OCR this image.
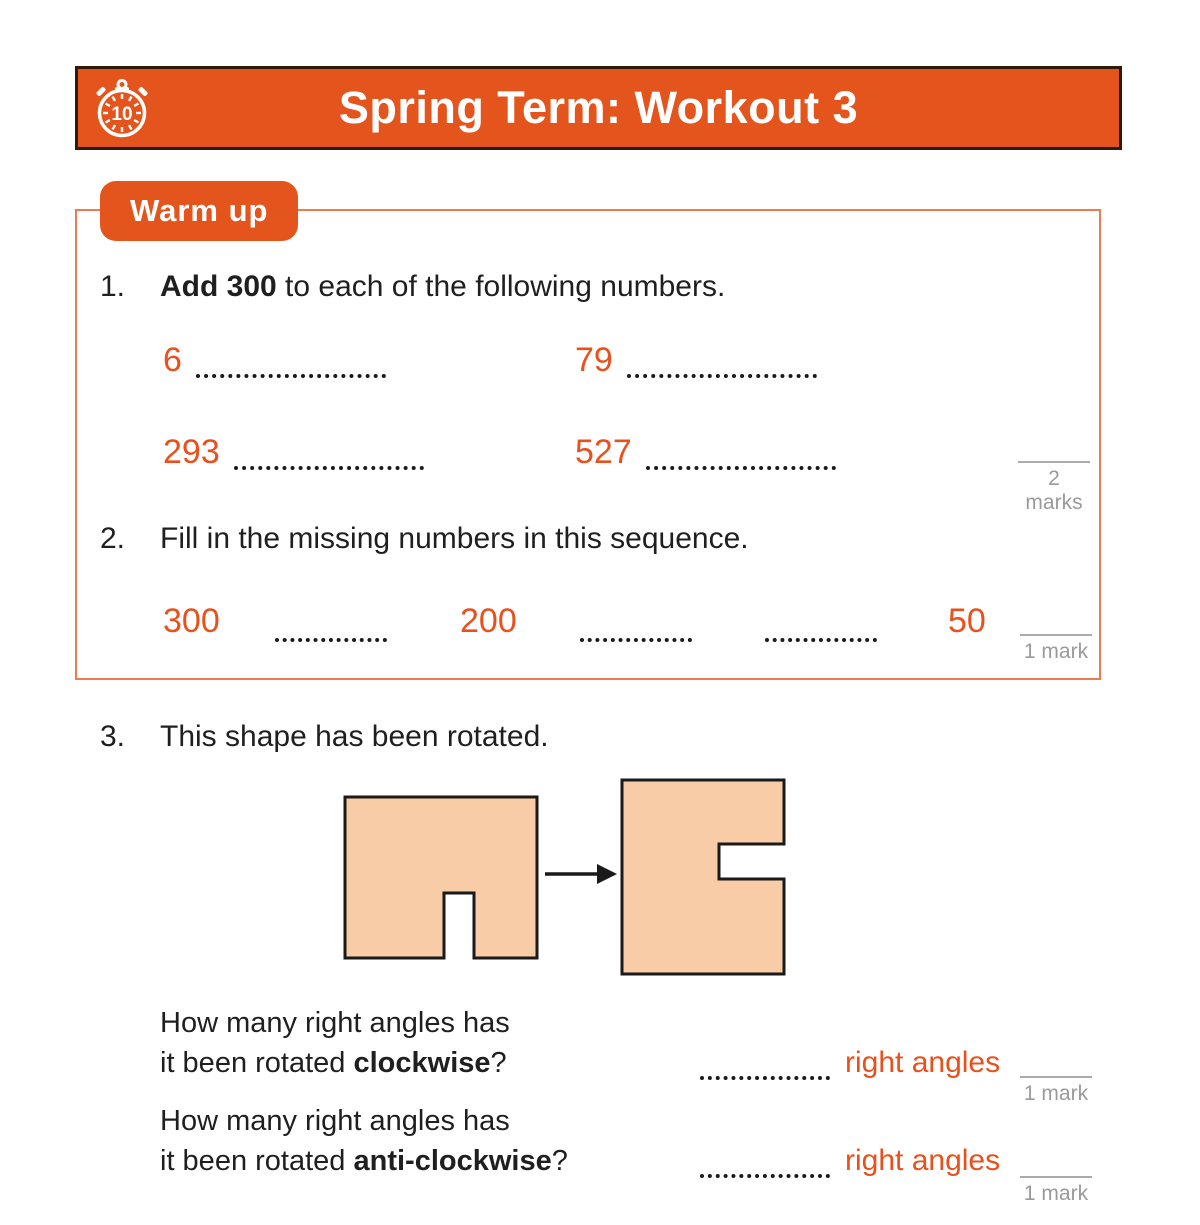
10	Spring Term: Workout 3
Warm up
1. Add 300 to each of the following numbers.
6	79
293	527
2 marks
2. Fill in the missing numbers in this sequence.
300	200	50
1 mark
3. This shape has been rotated.
How many right angles has
it been rotated clockwise?	right angles
1 mark
How many right angles has
it been rotated anti-clockwise?	right angles
1 mark
